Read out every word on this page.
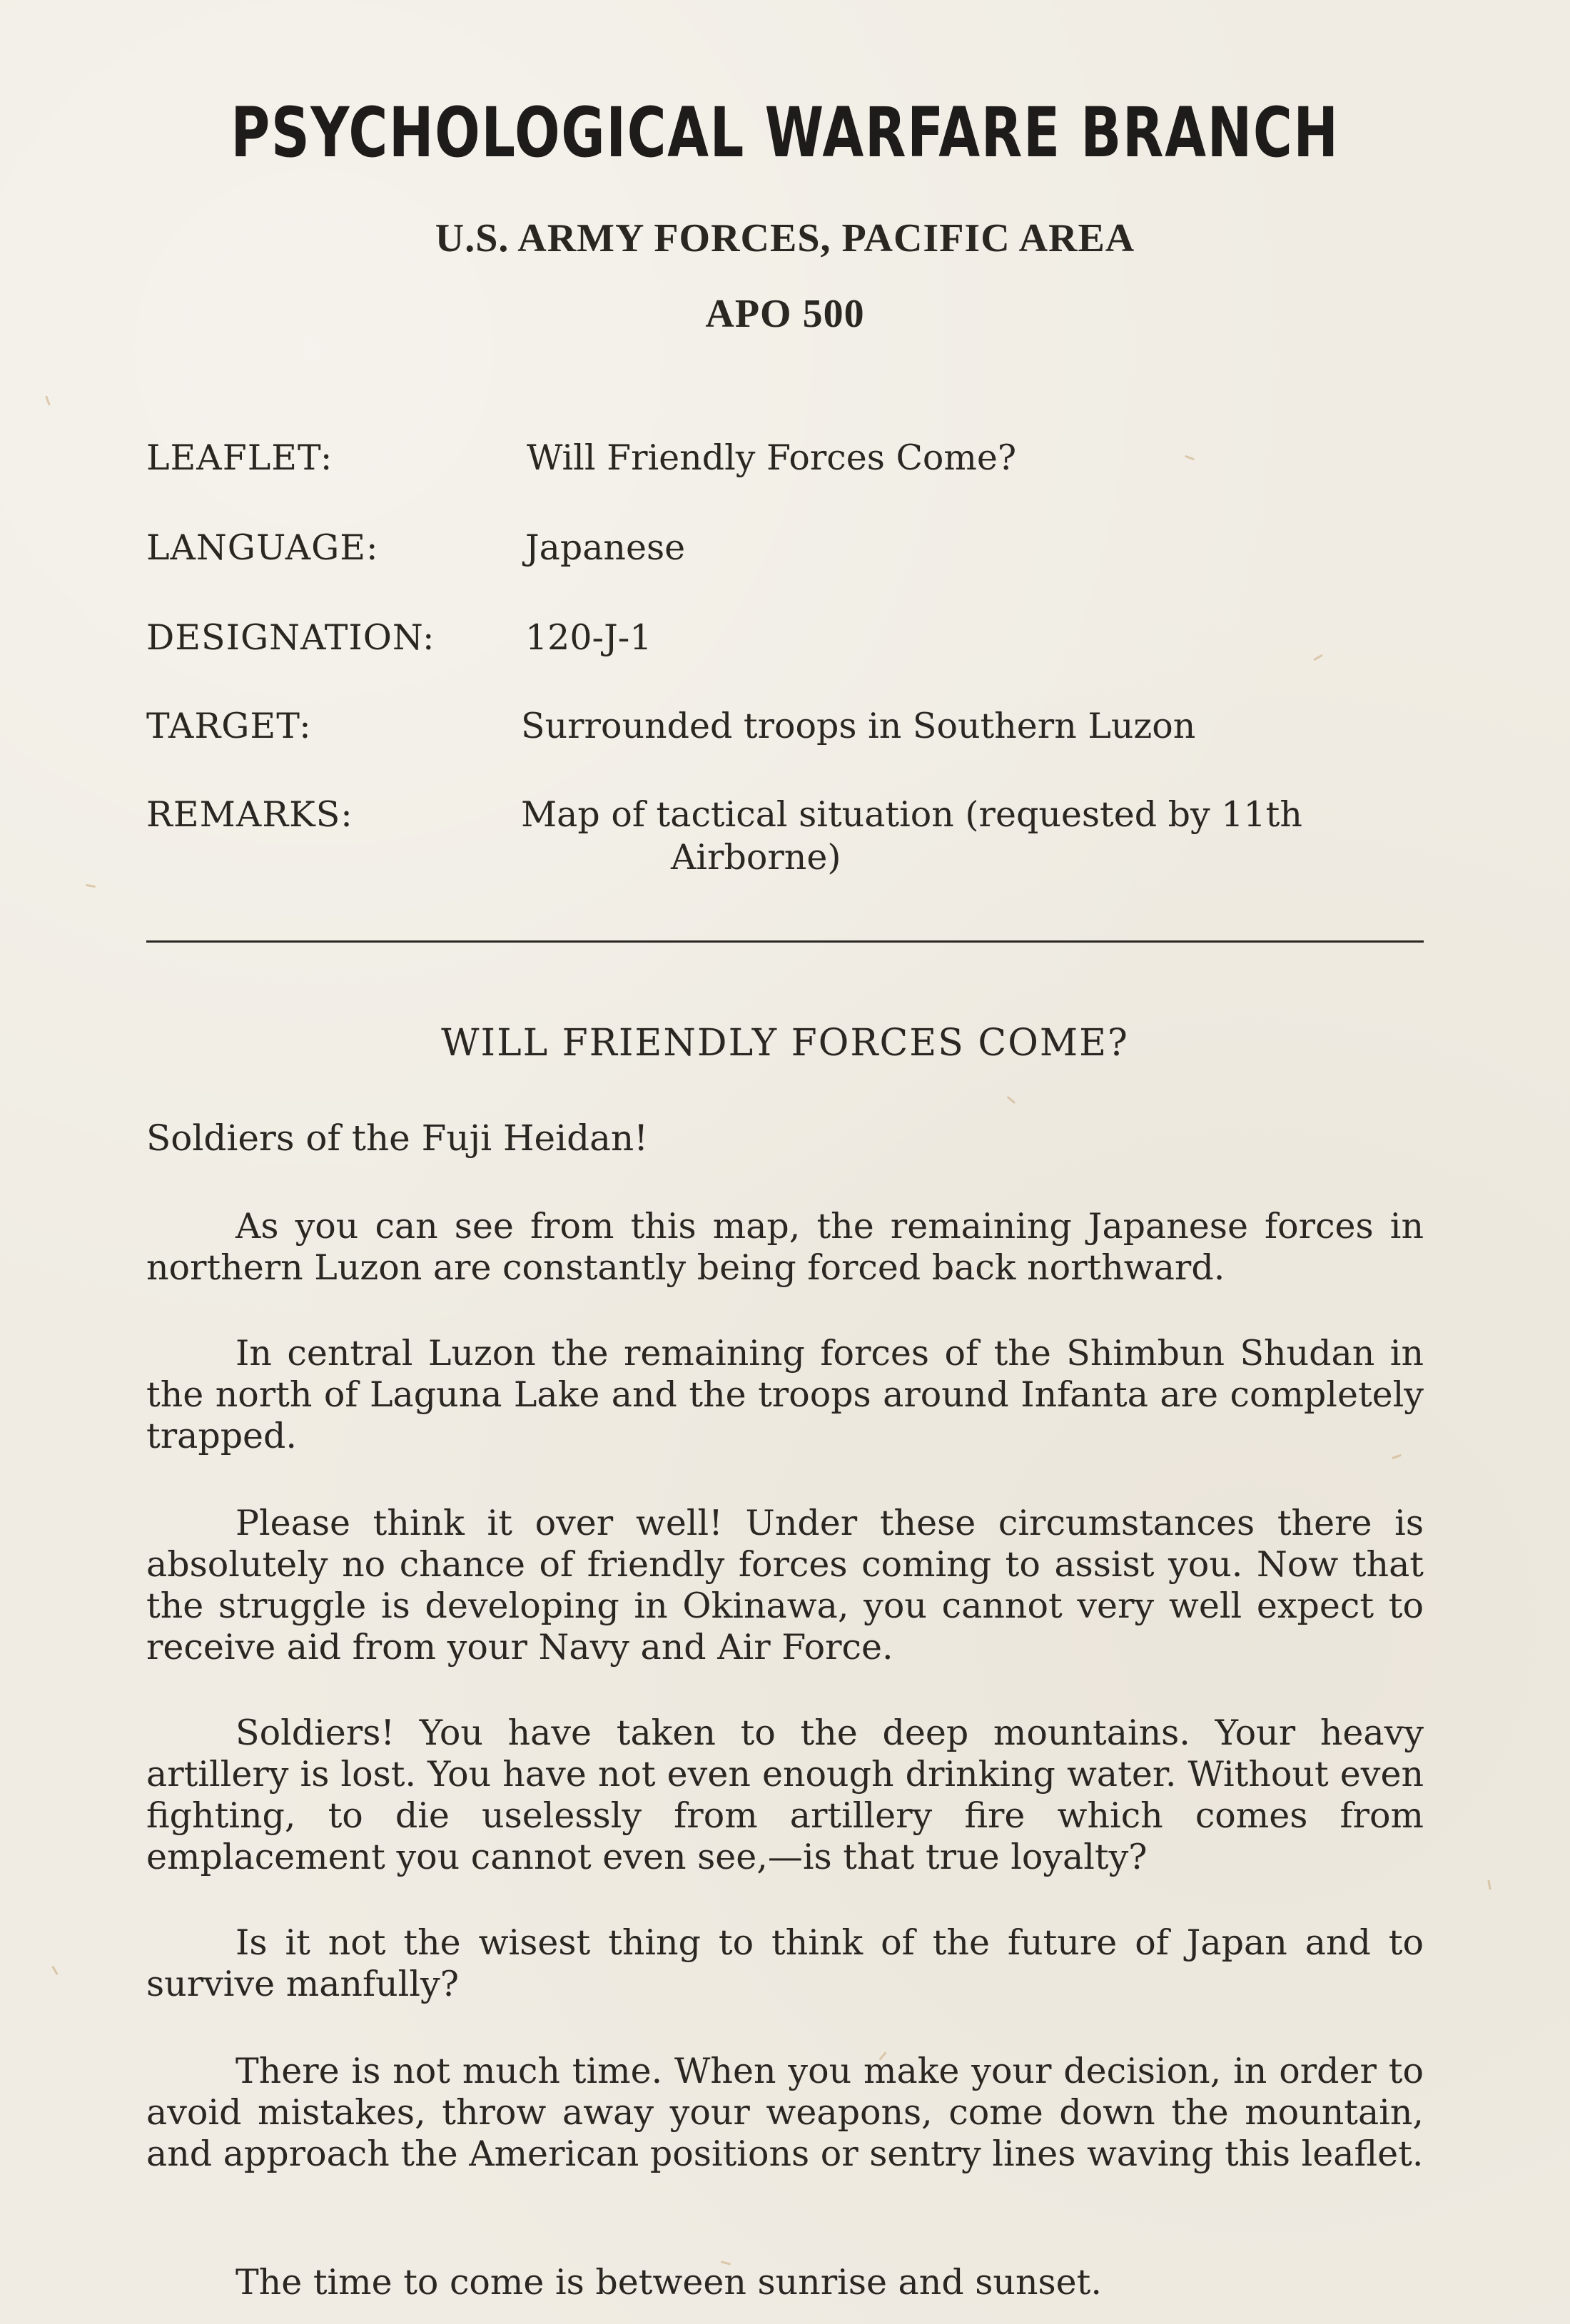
PSYCHOLOGICAL WARFARE BRANCH
U.S. ARMY FORCES, PACIFIC AREA
APO 500
LEAFLET:	Will Friendly Forces Come?
LANGUAGE:	Japanese
DESIGNATION:	120-J-1
TARGET:	Surrounded troops in Southern Luzon
REMARKS:	Map of tactical situation (requested by 11th
Airborne)
WILL FRIENDLY FORCES COME?
Soldiers of the Fuji Heidan!
As you can see from this map, the remaining Japanese forces in northern Luzon are constantly being forced back northward.
In central Luzon the remaining forces of the Shimbun Shudan in the north of Laguna Lake and the troops around Infanta are completely trapped.
Please think it over well! Under these circumstances there is absolutely no chance of friendly forces coming to assist you. Now that the struggle is developing in Okinawa, you cannot very well expect to receive aid from your Navy and Air Force.
Soldiers! You have taken to the deep mountains. Your heavy artillery is lost. You have not even enough drinking water. Without even fighting, to die uselessly from artillery fire which comes from emplacement you cannot even see,—is that true loyalty?
Is it not the wisest thing to think of the future of Japan and to survive manfully?
There is not much time. When you make your decision, in order to avoid mistakes, throw away your weapons, come down the mountain, and approach the American positions or sentry lines waving this leaflet.
The time to come is between sunrise and sunset.
